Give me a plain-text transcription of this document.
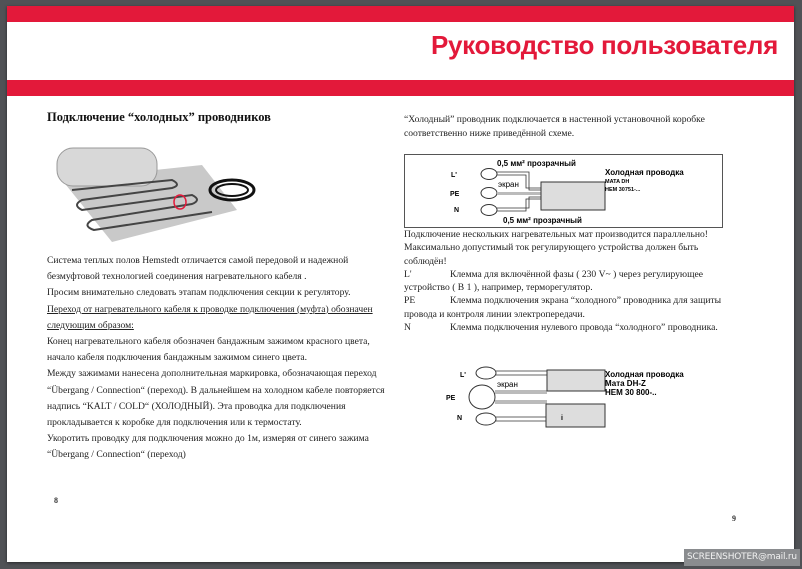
Руководство пользователя
Подключение “холодных” проводников

Система теплых полов Hemstedt отличается самой передовой и надежной безмуфтовой технологией соединения нагревательного кабеля .

Просим внимательно следовать этапам подключения секции к регулятору.

Переход от нагревательного кабеля к проводке подключения (муфта) обозначен следующим образом:

Конец нагревательного кабеля обозначен бандажным зажимом красного цвета, начало кабеля подключения бандажным зажимом синего цвета.

Между зажимами нанесена дополнительная маркировка, обозначающая переход “Übergang / Connection“ (переход). В дальнейшем на холодном кабеле повторяется надпись “KALT / COLD“ (ХОЛОДНЫЙ). Эта проводка для подключения прокладывается к коробке для подключения или к термостату.

Укоротить проводку для подключения можно до 1м, измеряя от синего зажима “Übergang / Connection“ (переход)

8

“Холодный” проводник подключается в настенной установочной коробке соответственно ниже приведённой схеме.

0,5 мм² прозрачный
L'
PE
N
экран
0,5 мм² прозрачный
Холодная проводка
MATA DH
HEM 30751-...

Подключение нескольких нагревательных мат производится параллельно!

Максимально допустимый ток регулирующего устройства должен быть соблюдён!

L'	Клемма для включённой фазы ( 230 V~ ) через регулирующее устройство ( B 1 ), например, терморегулятор.

PE	Клемма подключения экрана “холодного” проводника для защиты провода и контроля линии электропередачи.

N	Клемма подключения нулевого провода “холодного” проводника.

L'
PE
N
экран
i
Холодная проводка
Мата DH-Z
HEM 30 800-..
9
SCREENSHOTER@mail.ru
